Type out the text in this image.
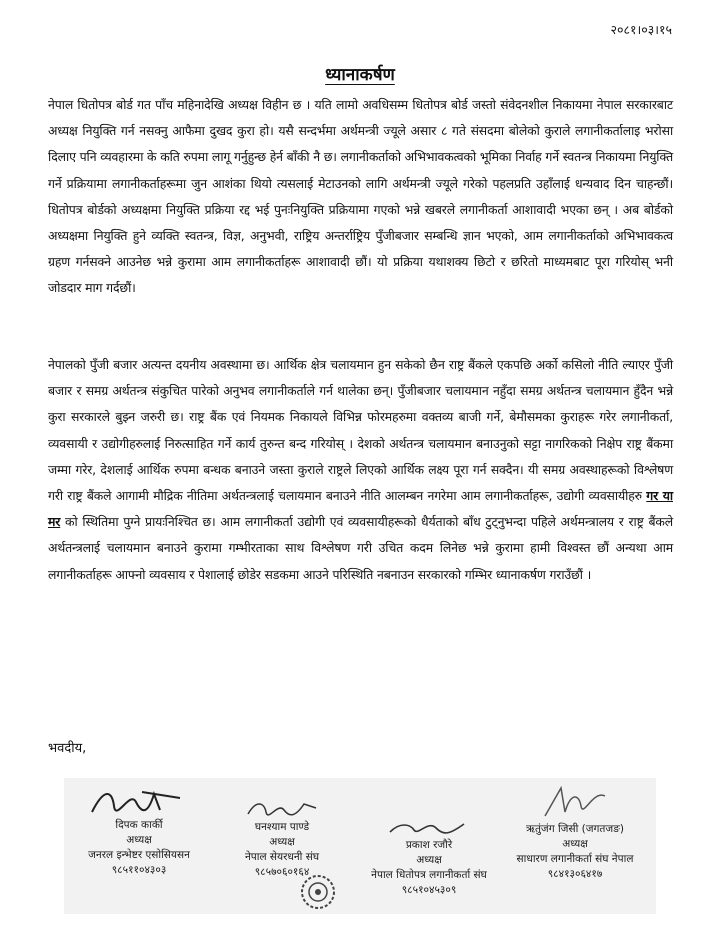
२०८१।०३।१५
ध्यानाकर्षण

नेपाल धितोपत्र बोर्ड गत पाँच महिनादेखि अध्यक्ष विहीन छ । यति लामो अवधिसम्म धितोपत्र बोर्ड जस्तो संवेदनशील निकायमा नेपाल सरकारबाट अध्यक्ष नियुक्ति गर्न नसक्नु आफैमा दुखद कुरा हो। यसै सन्दर्भमा अर्थमन्त्री ज्यूले असार ८ गते संसदमा बोलेको कुराले लगानीकर्तालाइ भरोसा दिलाए पनि व्यवहारमा के कति रुपमा लागू गर्नुहुन्छ हेर्न बाँकी नै छ। लगानीकर्ताको अभिभावकत्वको भूमिका निर्वाह गर्ने स्वतन्त्र निकायमा नियुक्ति गर्ने प्रक्रियामा लगानीकर्ताहरूमा जुन आशंका थियो त्यसलाई मेटाउनको लागि अर्थमन्त्री ज्यूले गरेको पहलप्रति उहाँलाई धन्यवाद दिन चाहन्छौं। धितोपत्र बोर्डको अध्यक्षमा नियुक्ति प्रक्रिया रद्द भई पुनःनियुक्ति प्रक्रियामा गएको भन्ने खबरले लगानीकर्ता आशावादी भएका छन् । अब बोर्डको अध्यक्षमा नियुक्ति हुने व्यक्ति स्वतन्त्र, विज्ञ, अनुभवी, राष्ट्रिय अन्तर्राष्ट्रिय पुँजीबजार सम्बन्धि ज्ञान भएको, आम लगानीकर्ताको अभिभावकत्व ग्रहण गर्नसक्ने आउनेछ भन्ने कुरामा आम लगानीकर्ताहरू आशावादी छौं। यो प्रक्रिया यथाशक्य छिटो र छरितो माध्यमबाट पूरा गरियोस् भनी जोडदार माग गर्दछौं।

नेपालको पुँजी बजार अत्यन्त दयनीय अवस्थामा छ। आर्थिक क्षेत्र चलायमान हुन सकेको छैन राष्ट्र बैंकले एकपछि अर्को कसिलो नीति ल्याएर पुँजी बजार र समग्र अर्थतन्त्र संकुचित पारेको अनुभव लगानीकर्ताले गर्न थालेका छन्। पुँजीबजार चलायमान नहुँदा समग्र अर्थतन्त्र चलायमान हुँदैन भन्ने कुरा सरकारले बुझ्न जरुरी छ। राष्ट्र बैंक एवं नियमक निकायले विभिन्न फोरमहरुमा वक्तव्य बाजी गर्ने, बेमौसमका कुराहरू गरेर लगानीकर्ता, व्यवसायी र उद्योगीहरुलाई निरुत्साहित गर्ने कार्य तुरुन्त बन्द गरियोस् । देशको अर्थतन्त्र चलायमान बनाउनुको सट्टा नागरिकको निक्षेप राष्ट्र बैंकमा जम्मा गरेर, देशलाई आर्थिक रुपमा बन्धक बनाउने जस्ता कुराले राष्ट्रले लिएको आर्थिक लक्ष्य पूरा गर्न सक्दैन। यी समग्र अवस्थाहरूको विश्लेषण गरी राष्ट्र बैंकले आगामी मौद्रिक नीतिमा अर्थतन्त्रलाई चलायमान बनाउने नीति आलम्बन नगरेमा आम लगानीकर्ताहरू, उद्योगी व्यवसायीहरु गर या मर को स्थितिमा पुग्ने प्रायःनिश्चित छ। आम लगानीकर्ता उद्योगी एवं व्यवसायीहरूको धैर्यताको बाँध टुट्नुभन्दा पहिले अर्थमन्त्रालय र राष्ट्र बैंकले अर्थतन्त्रलाई चलायमान बनाउने कुरामा गम्भीरताका साथ विश्लेषण गरी उचित कदम लिनेछ भन्ने कुरामा हामी विश्वस्त छौं अन्यथा आम लगानीकर्ताहरू आफ्नो व्यवसाय र पेशालाई छोडेर सडकमा आउने परिस्थिति नबनाउन सरकारको गम्भिर ध्यानाकर्षण गराउँछौं ।

भवदीय,

दिपक कार्की
अध्यक्ष
जनरल इन्भेष्टर एसोसियसन
९८५११०४३०३
घनश्याम पाण्डे
अध्यक्ष
नेपाल सेयरधनी संघ
९८५७०६०१६४
प्रकाश रजौरे
अध्यक्ष
नेपाल धितोपत्र लगानीकर्ता संघ
९८५१०४५३०९
ऋतुंजंग जिसी (जगतजङ)
अध्यक्ष
साधारण लगानीकर्ता संघ नेपाल
९८४१३०६४१७
